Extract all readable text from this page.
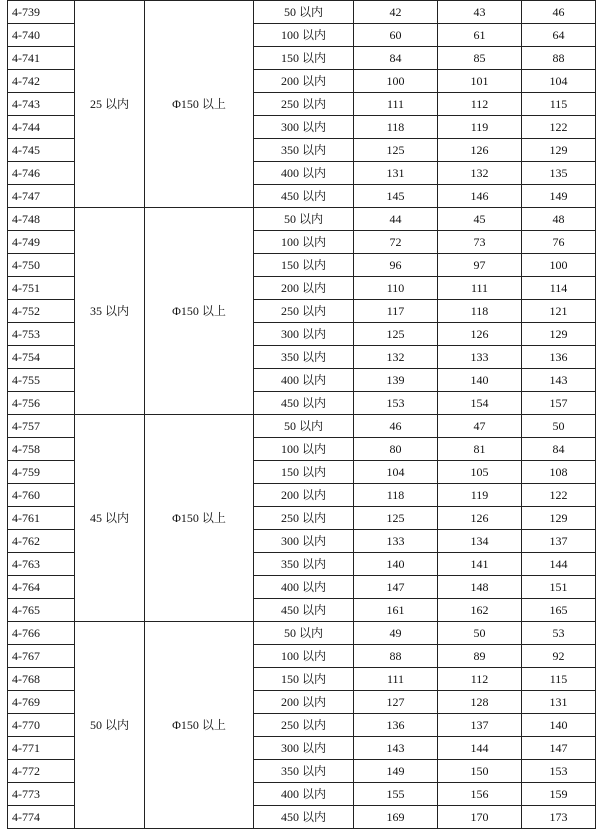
4-739	25 以内	Φ150 以上	50 以内	42	43	46
4-740			100 以内	60	61	64
4-741			150 以内	84	85	88
4-742			200 以内	100	101	104
4-743			250 以内	111	112	115
4-744			300 以内	118	119	122
4-745			350 以内	125	126	129
4-746			400 以内	131	132	135
4-747			450 以内	145	146	149
4-748	35 以内	Φ150 以上	50 以内	44	45	48
4-749			100 以内	72	73	76
4-750			150 以内	96	97	100
4-751			200 以内	110	111	114
4-752			250 以内	117	118	121
4-753			300 以内	125	126	129
4-754			350 以内	132	133	136
4-755			400 以内	139	140	143
4-756			450 以内	153	154	157
4-757	45 以内	Φ150 以上	50 以内	46	47	50
4-758			100 以内	80	81	84
4-759			150 以内	104	105	108
4-760			200 以内	118	119	122
4-761			250 以内	125	126	129
4-762			300 以内	133	134	137
4-763			350 以内	140	141	144
4-764			400 以内	147	148	151
4-765			450 以内	161	162	165
4-766	50 以内	Φ150 以上	50 以内	49	50	53
4-767			100 以内	88	89	92
4-768			150 以内	111	112	115
4-769			200 以内	127	128	131
4-770			250 以内	136	137	140
4-771			300 以内	143	144	147
4-772			350 以内	149	150	153
4-773			400 以内	155	156	159
4-774			450 以内	169	170	173
